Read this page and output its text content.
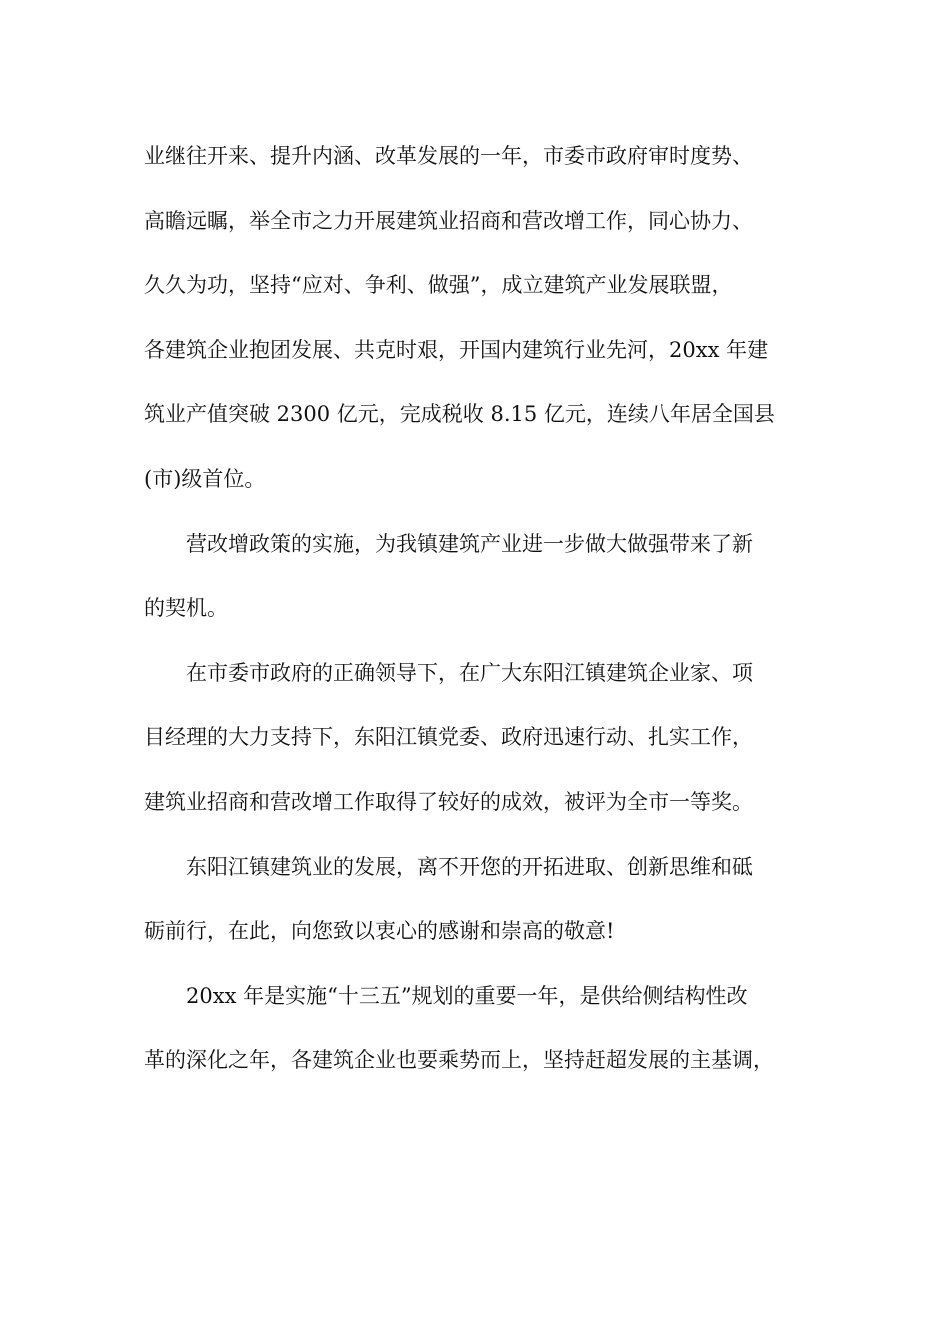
业继往开来、提升内涵、改革发展的一年，市委市政府审时度势、
高瞻远瞩，举全市之力开展建筑业招商和营改增工作，同心协力、
久久为功，坚持“应对、争利、做强”，成立建筑产业发展联盟，
各建筑企业抱团发展、共克时艰，开国内建筑行业先河，20xx 年建
筑业产值突破 2300 亿元，完成税收 8.15 亿元，连续八年居全国县
(市)级首位。

营改增政策的实施，为我镇建筑产业进一步做大做强带来了新
的契机。

在市委市政府的正确领导下，在广大东阳江镇建筑企业家、项
目经理的大力支持下，东阳江镇党委、政府迅速行动、扎实工作，
建筑业招商和营改增工作取得了较好的成效，被评为全市一等奖。

东阳江镇建筑业的发展，离不开您的开拓进取、创新思维和砥
砺前行，在此，向您致以衷心的感谢和崇高的敬意!

20xx 年是实施“十三五”规划的重要一年，是供给侧结构性改
革的深化之年，各建筑企业也要乘势而上，坚持赶超发展的主基调，
